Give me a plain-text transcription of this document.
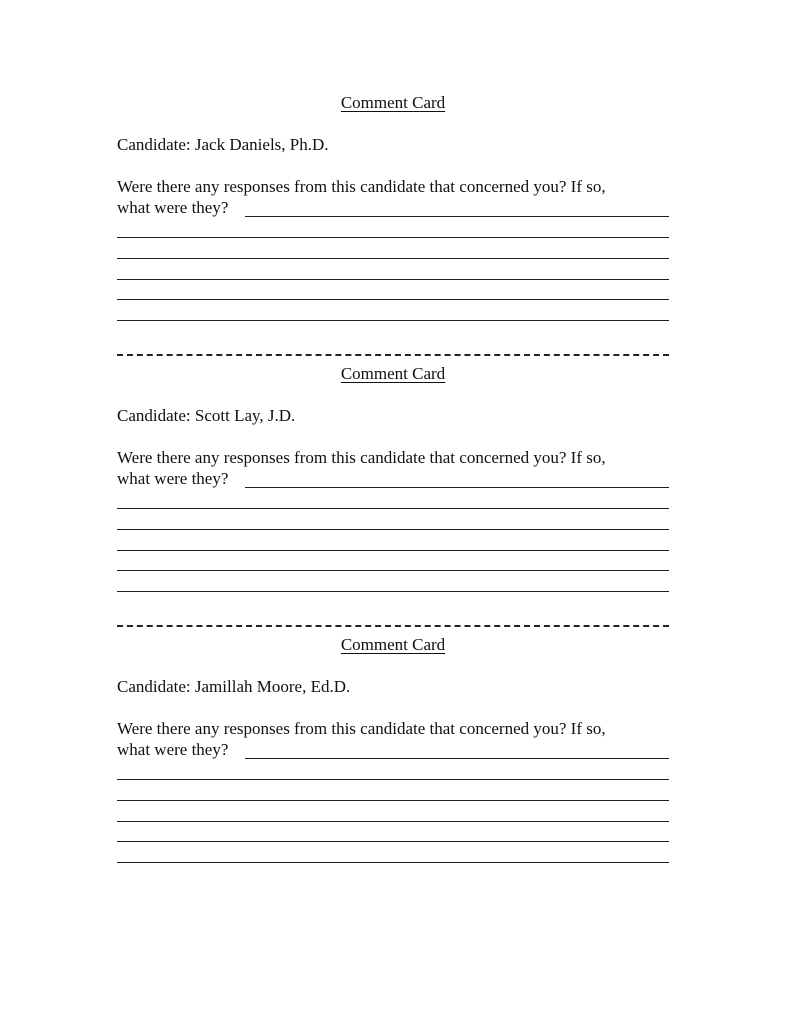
Comment Card
Candidate: Jack Daniels, Ph.D.
Were there any responses from this candidate that concerned you? If so,
what were they?
Comment Card
Candidate: Scott Lay, J.D.
Were there any responses from this candidate that concerned you? If so,
what were they?
Comment Card
Candidate: Jamillah Moore, Ed.D.
Were there any responses from this candidate that concerned you? If so,
what were they?
